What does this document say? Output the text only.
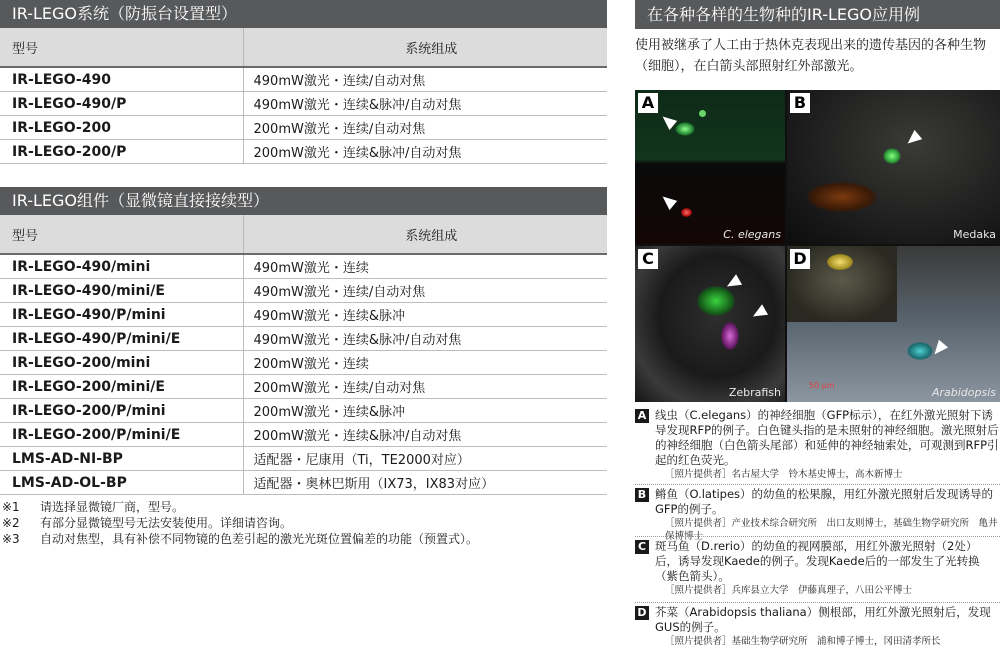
IR-LEGO系统（防振台设置型）
型号	系统组成
IR-LEGO-490	490mW激光・连续/自动对焦
IR-LEGO-490/P	490mW激光・连续&脉冲/自动对焦
IR-LEGO-200	200mW激光・连续/自动对焦
IR-LEGO-200/P	200mW激光・连续&脉冲/自动对焦
IR-LEGO组件（显微镜直接接续型）
型号	系统组成
IR-LEGO-490/mini	490mW激光・连续
IR-LEGO-490/mini/E	490mW激光・连续/自动对焦
IR-LEGO-490/P/mini	490mW激光・连续&脉冲
IR-LEGO-490/P/mini/E	490mW激光・连续&脉冲/自动对焦
IR-LEGO-200/mini	200mW激光・连续
IR-LEGO-200/mini/E	200mW激光・连续/自动对焦
IR-LEGO-200/P/mini	200mW激光・连续&脉冲
IR-LEGO-200/P/mini/E	200mW激光・连续&脉冲/自动对焦
LMS-AD-NI-BP	适配器・尼康用（Ti，TE2000对应）
LMS-AD-OL-BP	适配器・奥林巴斯用（IX73，IX83对应）
※1	请选择显微镜厂商，型号。
※2	有部分显微镜型号无法安装使用。详细请咨询。
※3	自动对焦型，具有补偿不同物镜的色差引起的激光光斑位置偏差的功能（预置式）。
在各种各样的生物种的IR-LEGO应用例
使用被继承了人工由于热休克表现出来的遗传基因的各种生物（细胞），在白箭头部照射红外部激光。
A
C. elegans
B
Medaka
C
Zebrafish
50 μm
D
Arabidopsis
A 线虫（C.elegans）的神经细胞（GFP标示），在红外激光照射下诱导发现RFP的例子。白色键头指的是未照射的神经细胞。激光照射后的神经细胞（白色箭头尾部）和延伸的神经轴索处，可观测到RFP引起的红色荧光。
［照片提供者］名古屋大学　铃木基史博士，高木新博士
B 鳉鱼（O.latipes）的幼鱼的松果腺，用红外激光照射后发现诱导的GFP的例子。
［照片提供者］产业技术综合研究所　出口友则博士，基础生物学研究所　亀井保博博士
C 斑马鱼（D.rerio）的幼鱼的视网膜部，用红外激光照射（2处）后，诱导发现Kaede的例子。发现Kaede后的一部发生了光转换（紫色箭头）。
［照片提供者］兵库县立大学　伊藤真理子，八田公平博士
D 芥菜（Arabidopsis thaliana）侧根部，用红外激光照射后，发现GUS的例子。
［照片提供者］基础生物学研究所　浦和博子博士，冈田清孝所长
